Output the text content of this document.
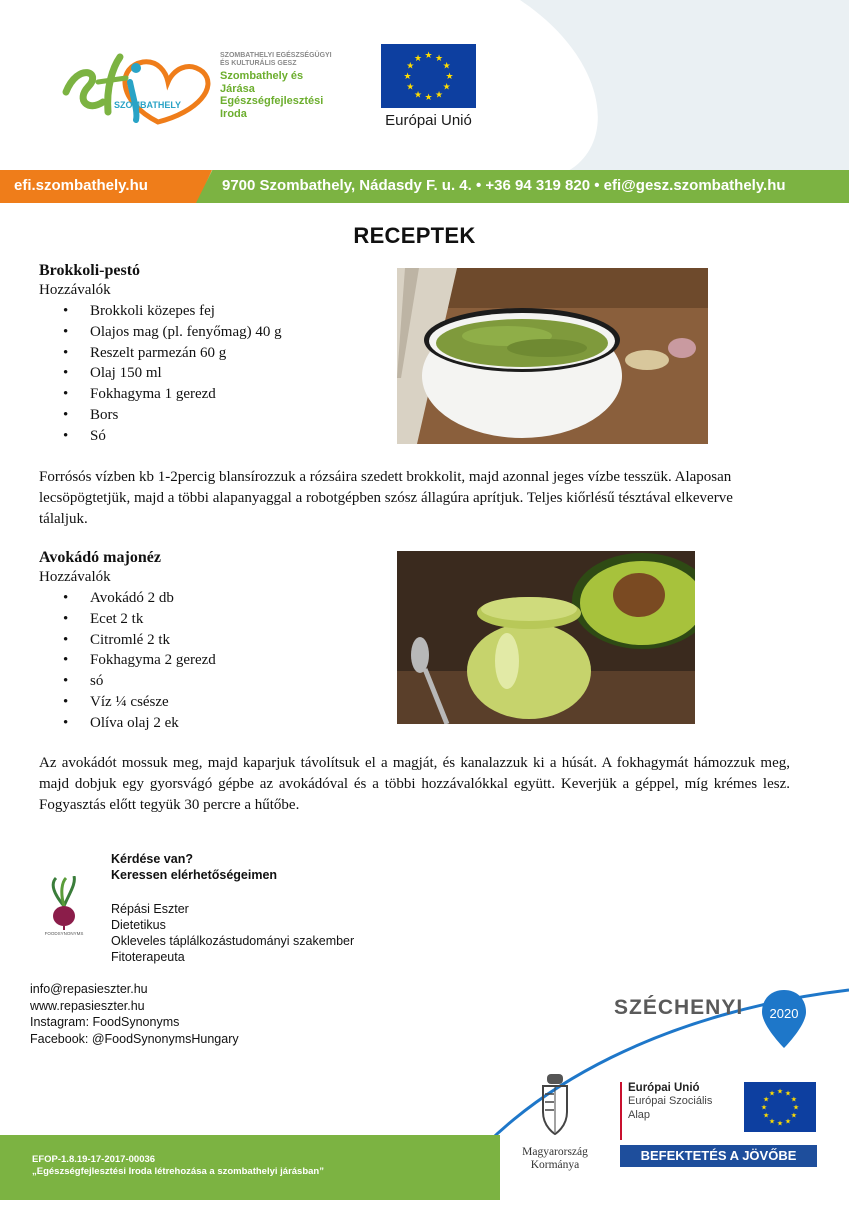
SZOMBATHELY
SZOMBATHELYI EGÉSZSÉGÜGYI ÉS KULTURÁLIS GESZ
Szombathely és Járása Egészségfejlesztési Iroda
★ ★
★
★
★
★
★
★
★
★
★
★
Európai Unió
efi.szombathely.hu	9700 Szombathely, Nádasdy F. u. 4. • +36 94 319 820 • efi@gesz.szombathely.hu
RECEPTEK
Brokkoli-pestó
Hozzávalók
• Brokkoli közepes fej
• Olajos mag (pl. fenyőmag) 40 g
• Reszelt parmezán 60 g
• Olaj 150 ml
• Fokhagyma 1 gerezd
• Bors
• Só
Forrósós vízben kb 1-2percig blansírozzuk a rózsáira szedett brokkolit, majd azonnal jeges vízbe tesszük. Alaposan lecsöpögtetjük, majd a többi alapanyaggal a robotgépben szósz állagúra aprítjuk. Teljes kiőrlésű tésztával elkeverve tálaljuk.
Avokádó majonéz
Hozzávalók
• Avokádó 2 db
• Ecet 2 tk
• Citromlé 2 tk
• Fokhagyma 2 gerezd
• só
• Víz ¼ csésze
• Olíva olaj 2 ek
Az avokádót mossuk meg, majd kaparjuk távolítsuk el a magját, és kanalazzuk ki a húsát. A fokhagymát hámozzuk meg, majd dobjuk egy gyorsvágó gépbe az avokádóval és a többi hozzávalókkal együtt. Keverjük a géppel, míg krémes lesz. Fogyasztás előtt tegyük 30 percre a hűtőbe.
Kérdése van?
Keressen elérhetőségeimen
FOODSYNONYMS
Répási Eszter
Dietetikus
Okleveles táplálkozástudományi szakember
Fitoterapeuta
info@repasieszter.hu
www.repasieszter.hu
Instagram: FoodSynonyms
Facebook: @FoodSynonymsHungary
SZÉCHENYI 2020
EFOP-1.8.19-17-2017-00036
„Egészségfejlesztési Iroda létrehozása a szombathelyi járásban”
Magyarország
Kormánya
Európai Unió
Európai Szociális Alap
★ ★
★
★
★
★
★
★
★
★
★
★
BEFEKTETÉS A JÖVŐBE
